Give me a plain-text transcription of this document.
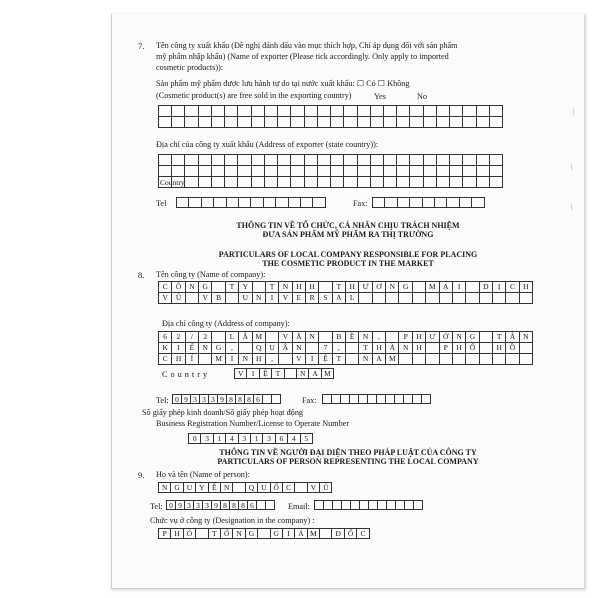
7. Tên công ty xuất khẩu (Đề nghị đánh dấu vào mục thích hợp, Chỉ áp dụng đối với sản phẩm
mỹ phẩm nhập khẩu) (Name of exporter (Please tick accordingly. Only apply to imported
cosmetic products)):
Sản phẩm mỹ phẩm được lưu hành tự do tại nước xuất khẩu: ☐ Có ☐ Không
(Cosmetic product(s) are free sold in the exporting country)	Yes	No
Địa chỉ của công ty xuất khẩu (Address of exporter (state country)):
Country
Tel	Fax:
THÔNG TIN VỀ TỔ CHỨC, CÁ NHÂN CHỊU TRÁCH NHIỆM
ĐƯA SẢN PHẨM MỸ PHẨM RA THỊ TRƯỜNG
PARTICULARS OF LOCAL COMPANY RESPONSIBLE FOR PLACING
THE COSMETIC PRODUCT IN THE MARKET
8. Tên công ty (Name of company):
C	Ô	N	G	T	Y	T	N	H	H	T	H	Ư	Ơ	N	G	M Ạ	I	D	Ị	C	H
V	Ũ	V	B	U	N	I	V	E	R	S	A	L
Địa chỉ công ty (Address of company):
6	2	/	2	L	Â M	V	Ă	N	B	Ề	N	,	P	H	Ư	Ờ	N	G	T	Â	N
K	I	Ể	N	G	,	Q	U	Ậ	N	7	,	T	H	À	N	H	P	H	Ố	H	Ồ
C	H	Í	M	I	N	H	,	V	I	Ệ	T	N	A M
C o u n t r y	V	I	Ệ	T	N A M
Tel: 0 9 3 3 3 9 8 8 8 6	Fax:
Số giấy phép kinh doanh/Số giấy phép hoạt động
Business Registration Number/License to Operate Number
0	3	1	4	3	1	3	6	4	5
THÔNG TIN VỀ NGƯỜI ĐẠI DIỆN THEO PHÁP LUẬT CỦA CÔNG TY
PARTICULARS OF PERSON REPRESENTING THE LOCAL COMPANY
9. Họ và tên (Name of person):
N G U Y Ễ N	Q U Ố C	V Ũ
Tel: 0 9 3 3 3 9 8 8 8 6	Email:
Chức vụ ở công ty (Designation in the company) :
P	H Ó	T Ổ N G	G	I	Á M	Đ Ố C
┆
┆
┆
